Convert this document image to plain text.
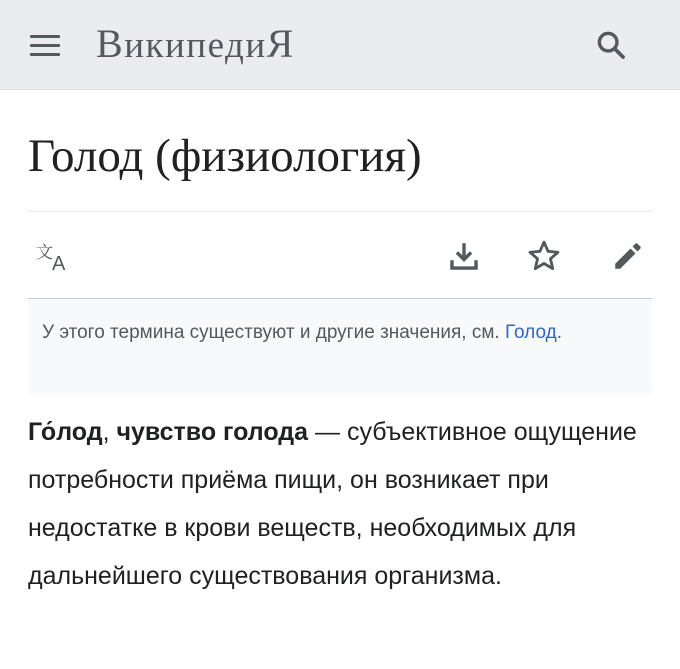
ВикипедиЯ
Голод (физиология)
文 A
У этого термина существуют и другие значения, см. Голод.

Го́лод, чувство голода — субъективное ощущение потребности приёма пищи, он возникает при недостатке в крови веществ, необходимых для дальнейшего существования организма.
